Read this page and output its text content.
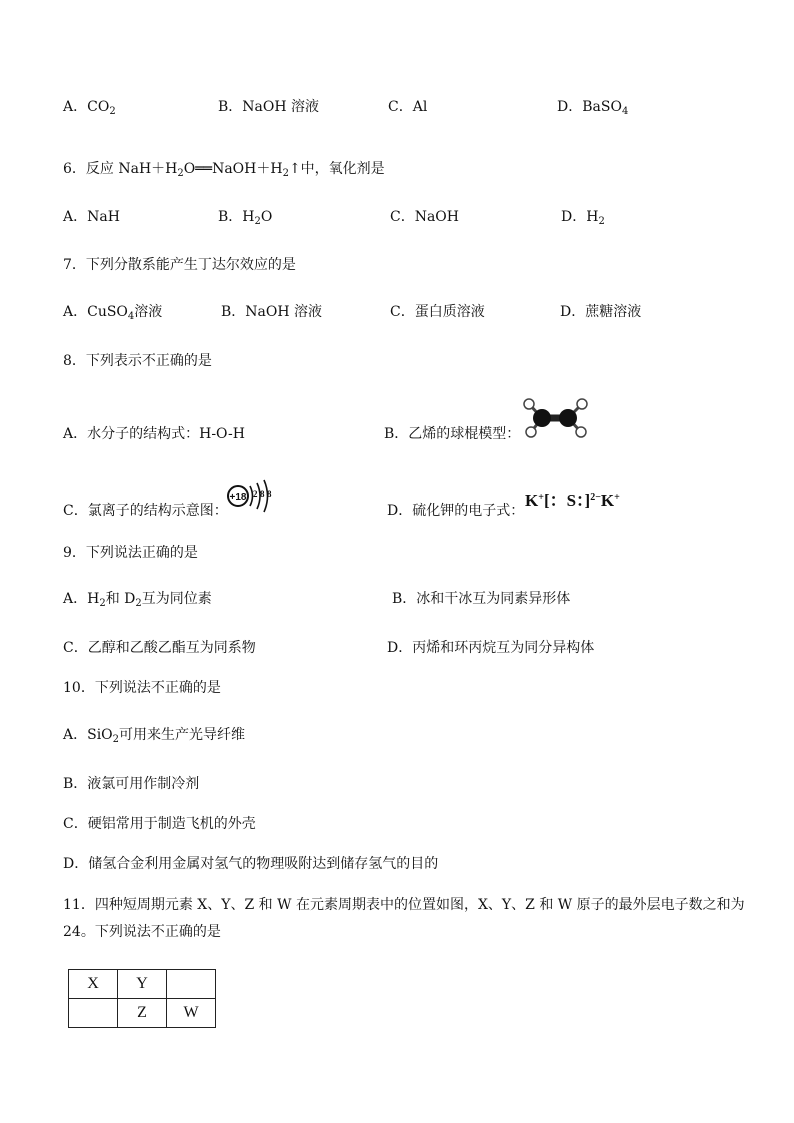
A．$CO_2$	B．NaOH 溶液	C．Al	D．BaSO$_4$
6．反应 $NaH+H_2O══NaOH+H_2↑$中，氧化剂是
A．NaH	B．$H_2O$	C．NaOH	D．$H_2$
7．下列分散系能产生丁达尔效应的是
A．CuSO$_4$溶液	B．NaOH 溶液	C．蛋白质溶液	D．蔗糖溶液
8．下列表示不正确的是
A．水分子的结构式：H-O-H	B．乙烯的球棍模型：
C．氯离子的结构示意图：
+18 2 8 8
D．硫化钾的电子式：
K+[：S：]$^{2-}$K+
9．下列说法正确的是
A．$H_2$和 $D_2$互为同位素	B．冰和干冰互为同素异形体
C．乙醇和乙酸乙酯互为同系物	D．丙烯和环丙烷互为同分异构体
10．下列说法不正确的是
A．SiO$_2$可用来生产光导纤维
B．液氯可用作制冷剂
C．硬铝常用于制造飞机的外壳
D．储氢合金利用金属对氢气的物理吸附达到储存氢气的目的
11．四种短周期元素 X、Y、Z 和 W 在元素周期表中的位置如图，X、Y、Z 和 W 原子的最外层电子数之和为
24。下列说法不正确的是
X	Y	
	Z	W
